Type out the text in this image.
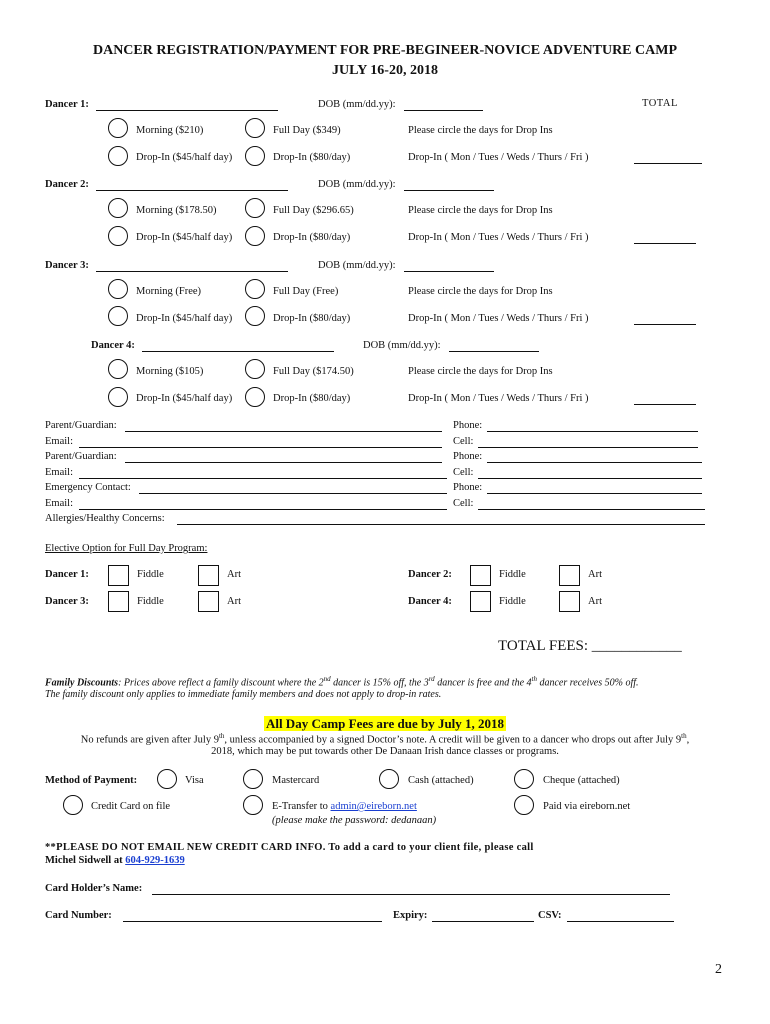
DANCER REGISTRATION/PAYMENT FOR PRE-BEGINEER-NOVICE ADVENTURE CAMP
JULY 16-20, 2018
TOTAL
Dancer 1:	DOB (mm/dd.yy):
Morning ($210)	Full Day ($349)	Please circle the days for Drop Ins
Drop-In ($45/half day)	Drop-In ($80/day)	Drop-In ( Mon / Tues / Weds / Thurs / Fri )
Dancer 2:	DOB (mm/dd.yy):
Morning ($178.50)	Full Day ($296.65)	Please circle the days for Drop Ins
Drop-In ($45/half day)	Drop-In ($80/day)	Drop-In ( Mon / Tues / Weds / Thurs / Fri )
Dancer 3:	DOB (mm/dd.yy):
Morning (Free)	Full Day (Free)	Please circle the days for Drop Ins
Drop-In ($45/half day)	Drop-In ($80/day)	Drop-In ( Mon / Tues / Weds / Thurs / Fri )
Dancer 4:	DOB (mm/dd.yy):
Morning ($105)	Full Day ($174.50)	Please circle the days for Drop Ins
Drop-In ($45/half day)	Drop-In ($80/day)	Drop-In ( Mon / Tues / Weds / Thurs / Fri )
Parent/Guardian:	Phone:
Email:	Cell:
Parent/Guardian:	Phone:
Email:	Cell:
Emergency Contact:	Phone:
Email:	Cell:
Allergies/Healthy Concerns:
Elective Option for Full Day Program:
Dancer 1:	Fiddle	Art	Dancer 2:	Fiddle	Art
Dancer 3:	Fiddle	Art	Dancer 4:	Fiddle	Art
TOTAL FEES: ____________
Family Discounts: Prices above reflect a family discount where the 2nd dancer is 15% off, the 3rd dancer is free and the 4th dancer receives 50% off.
The family discount only applies to immediate family members and does not apply to drop-in rates.
All Day Camp Fees are due by July 1, 2018
No refunds are given after July 9th, unless accompanied by a signed Doctor’s note. A credit will be given to a dancer who drops out after July 9th,
2018, which may be put towards other De Danaan Irish dance classes or programs.
Method of Payment:	Visa	Mastercard	Cash (attached)	Cheque (attached)
Credit Card on file	E-Transfer to admin@eireborn.net
(please make the password: dedanaan)
Paid via eireborn.net
**PLEASE DO NOT EMAIL NEW CREDIT CARD INFO. To add a card to your client file, please call
Michel Sidwell at 604-929-1639
Card Holder’s Name:
Card Number:	Expiry:	CSV:
2
